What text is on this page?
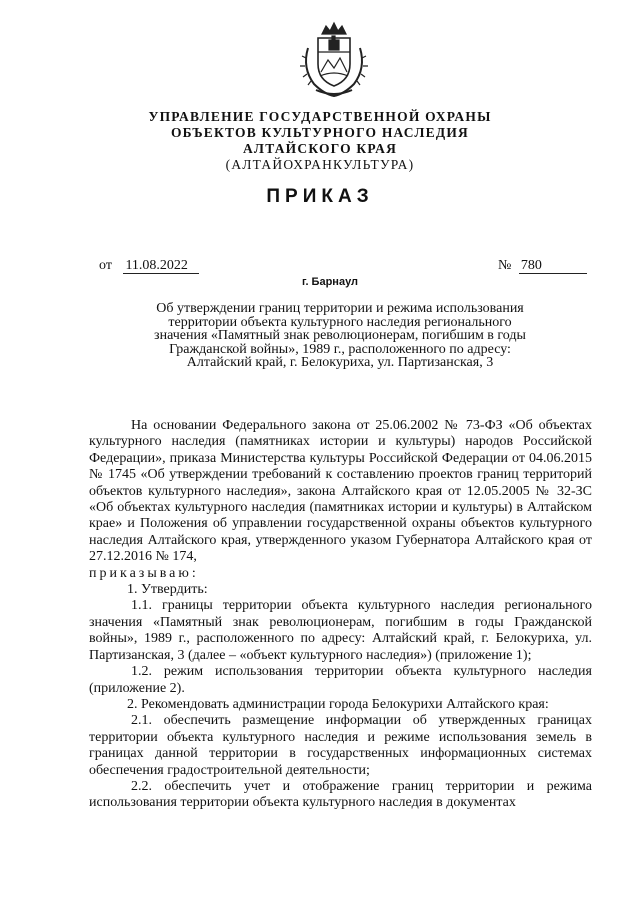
УПРАВЛЕНИЕ ГОСУДАРСТВЕННОЙ ОХРАНЫ
ОБЪЕКТОВ КУЛЬТУРНОГО НАСЛЕДИЯ
АЛТАЙСКОГО КРАЯ
(АЛТАЙОХРАНКУЛЬТУРА)
ПРИКАЗ
от 11.08.2022	№ 780
г. Барнаул
Об утверждении границ территории и режима использования
территории объекта культурного наследия регионального
значения «Памятный знак революционерам, погибшим в годы
Гражданской войны», 1989 г., расположенного по адресу:
Алтайский край, г. Белокуриха, ул. Партизанская, 3

На основании Федерального закона от 25.06.2002 № 73-ФЗ «Об объектах культурного наследия (памятниках истории и культуры) народов Российской Федерации», приказа Министерства культуры Российской Федерации от 04.06.2015 № 1745 «Об утверждении требований к составлению проектов границ территорий объектов культурного наследия», закона Алтайского края от 12.05.2005 № 32-ЗС «Об объектах культурного наследия (памятниках истории и культуры) в Алтайском крае» и Положения об управлении государственной охраны объектов культурного наследия Алтайского края, утвержденного указом Губернатора Алтайского края от 27.12.2016 № 174,

приказываю:

1. Утвердить:

1.1. границы территории объекта культурного наследия регионального значения «Памятный знак революционерам, погибшим в годы Гражданской войны», 1989 г., расположенного по адресу: Алтайский край, г. Белокуриха, ул. Партизанская, 3 (далее – «объект культурного наследия») (приложение 1);

1.2. режим использования территории объекта культурного наследия (приложение 2).

2. Рекомендовать администрации города Белокурихи Алтайского края:

2.1. обеспечить размещение информации об утвержденных границах территории объекта культурного наследия и режиме использования земель в границах данной территории в государственных информационных системах обеспечения градостроительной деятельности;

2.2. обеспечить учет и отображение границ территории и режима использования территории объекта культурного наследия в документах
